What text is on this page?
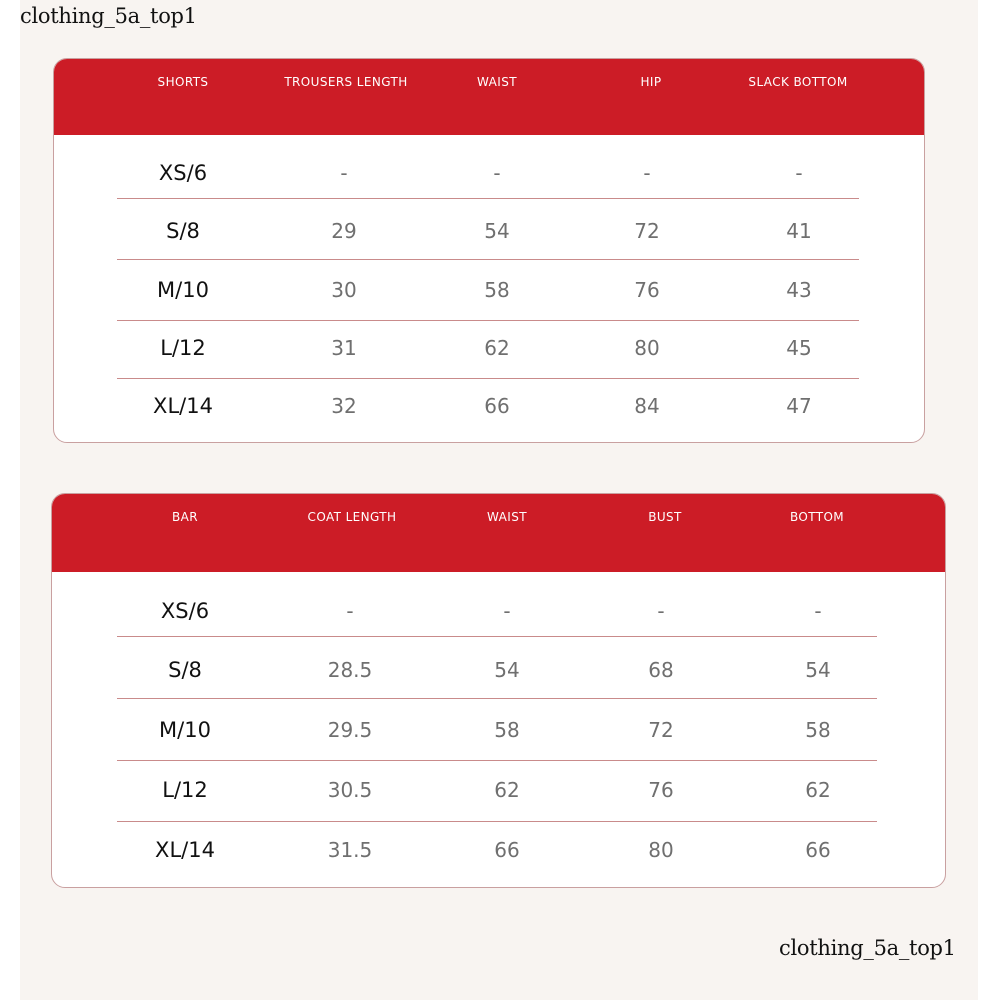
clothing_5a_top1
SHORTS	TROUSERS LENGTH	WAIST	HIP	SLACK BOTTOM
XS/6	-	-	-	-
S/8	29	54	72	41
M/10	30	58	76	43
L/12	31	62	80	45
XL/14	32	66	84	47
BAR	COAT LENGTH	WAIST	BUST	BOTTOM
XS/6	-	-	-	-
S/8	28.5	54	68	54
M/10	29.5	58	72	58
L/12	30.5	62	76	62
XL/14	31.5	66	80	66
clothing_5a_top1
